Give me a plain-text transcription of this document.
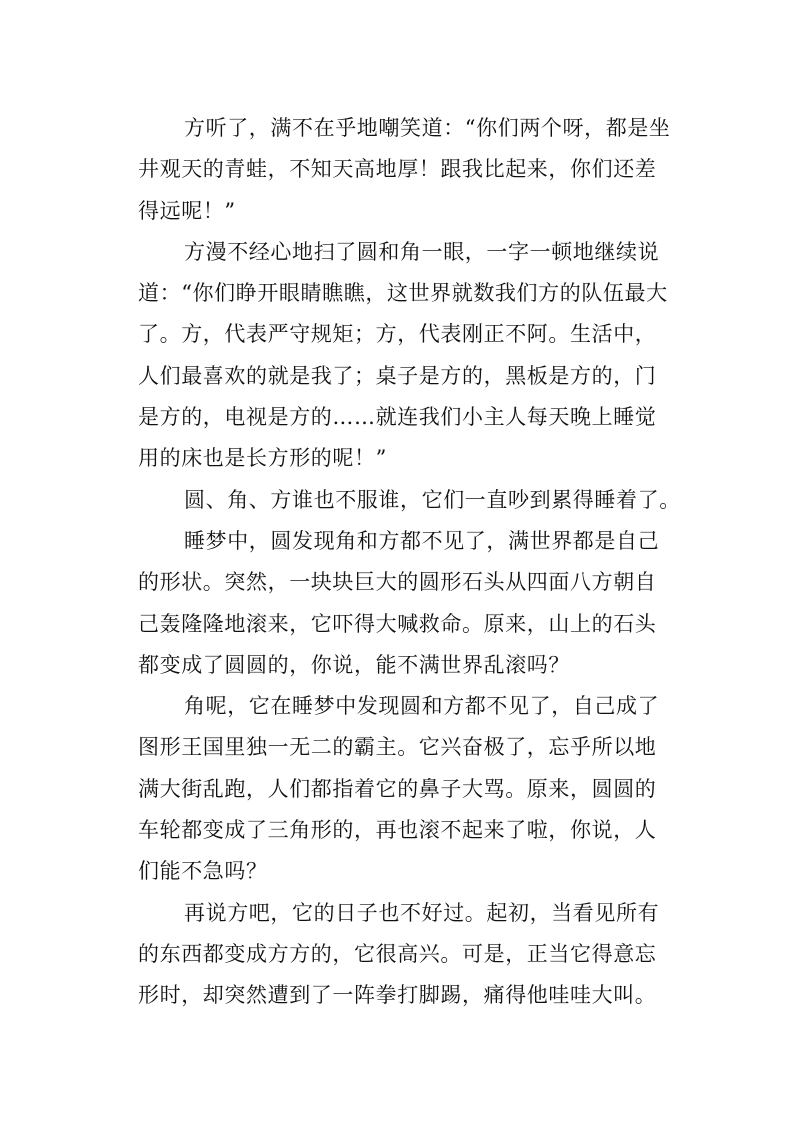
方听了，满不在乎地嘲笑道：“你们两个呀，都是坐
井观天的青蛙，不知天高地厚！跟我比起来，你们还差
得远呢！”
方漫不经心地扫了圆和角一眼，一字一顿地继续说
道：“你们睁开眼睛瞧瞧，这世界就数我们方的队伍最大
了。方，代表严守规矩；方，代表刚正不阿。生活中，
人们最喜欢的就是我了；桌子是方的，黑板是方的，门
是方的，电视是方的……就连我们小主人每天晚上睡觉
用的床也是长方形的呢！”
圆、角、方谁也不服谁，它们一直吵到累得睡着了。
睡梦中，圆发现角和方都不见了，满世界都是自己
的形状。突然，一块块巨大的圆形石头从四面八方朝自
己轰隆隆地滚来，它吓得大喊救命。原来，山上的石头
都变成了圆圆的，你说，能不满世界乱滚吗？
角呢，它在睡梦中发现圆和方都不见了，自己成了
图形王国里独一无二的霸主。它兴奋极了，忘乎所以地
满大街乱跑，人们都指着它的鼻子大骂。原来，圆圆的
车轮都变成了三角形的，再也滚不起来了啦，你说，人
们能不急吗？
再说方吧，它的日子也不好过。起初，当看见所有
的东西都变成方方的，它很高兴。可是，正当它得意忘
形时，却突然遭到了一阵拳打脚踢，痛得他哇哇大叫。
